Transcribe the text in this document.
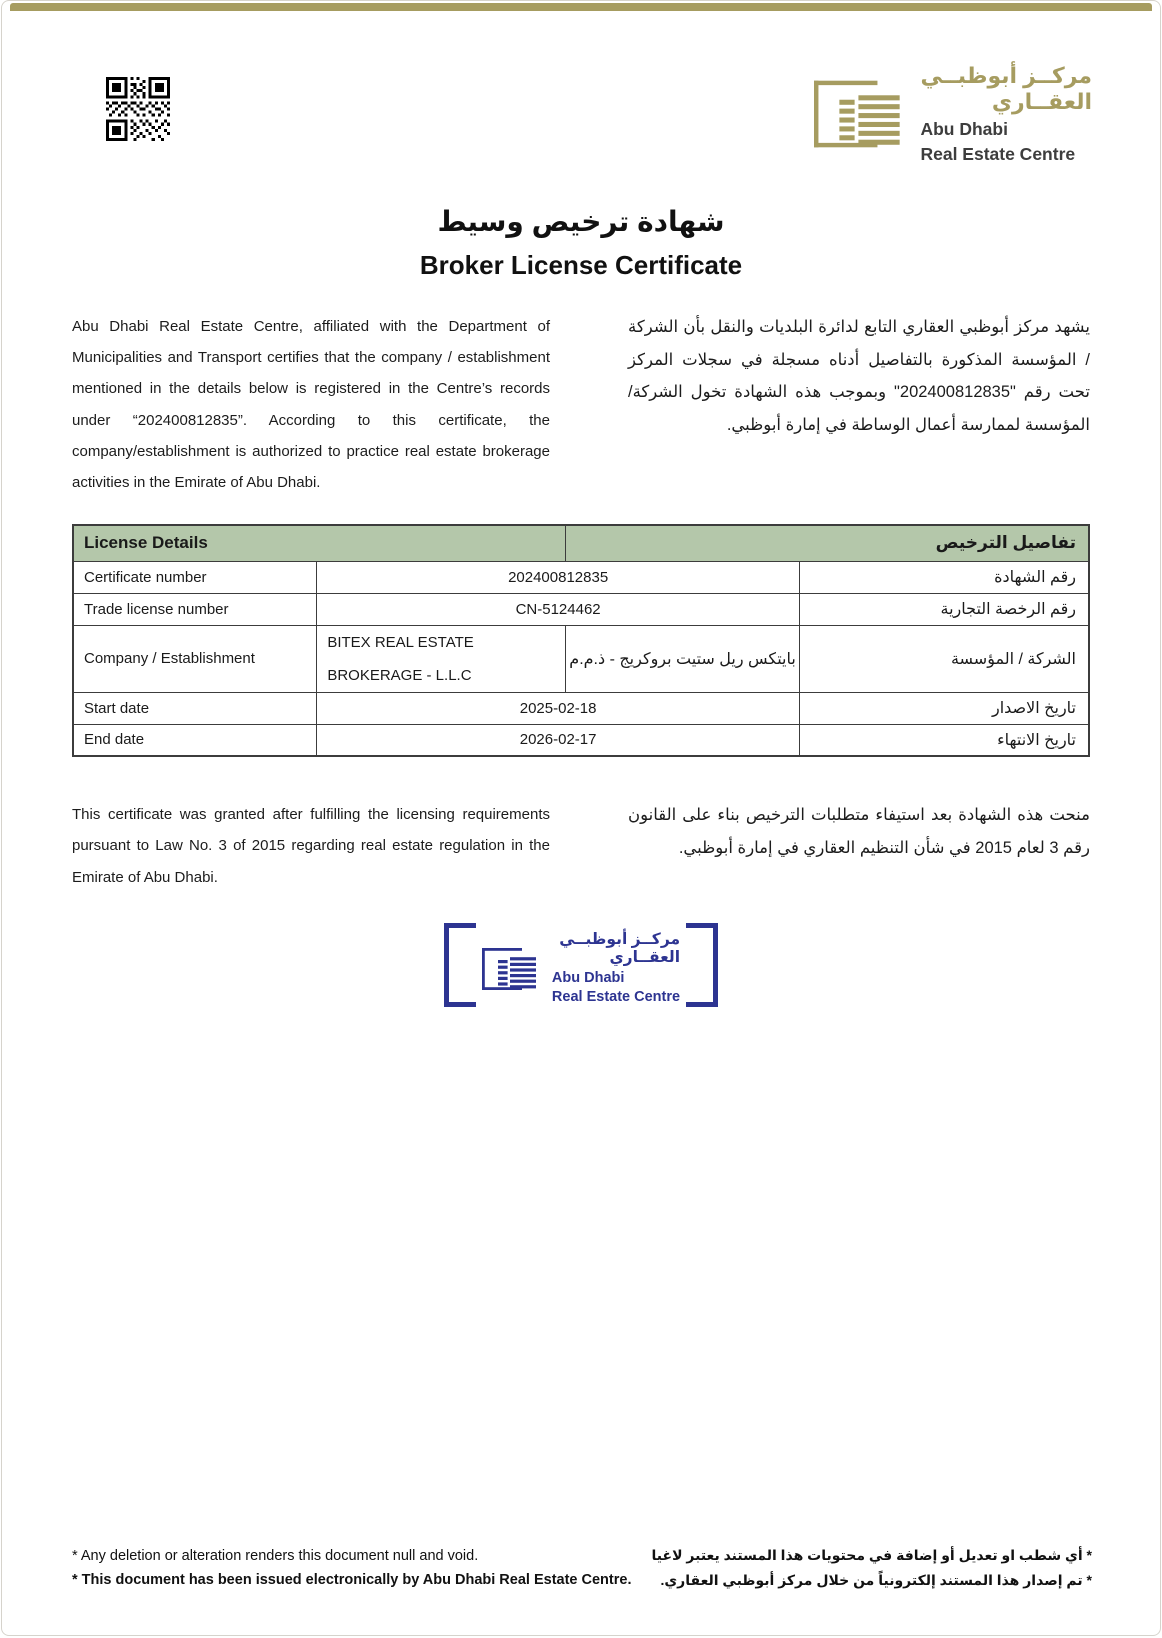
مركــز أبوظبــي
العقــاري
Abu Dhabi
Real Estate Centre
شهادة ترخيص وسيط
Broker License Certificate
Abu Dhabi Real Estate Centre, affiliated with the Department of Municipalities and Transport certifies that the company / establishment mentioned in the details below is registered in the Centre’s records under “202400812835”. According to this certificate, the company/establishment is authorized to practice real estate brokerage activities in the Emirate of Abu Dhabi.
يشهد مركز أبوظبي العقاري التابع لدائرة البلديات والنقل بأن الشركة / المؤسسة المذكورة بالتفاصيل أدناه مسجلة في سجلات المركز تحت رقم "202400812835" وبموجب هذه الشهادة تخول الشركة/ المؤسسة لممارسة أعمال الوساطة في إمارة أبوظبي.
License Details		تفاصيل الترخيص	
Certificate number	202400812835		رقم الشهادة
Trade license number	CN-5124462		رقم الرخصة التجارية
Company / Establishment	BITEX REAL ESTATE BROKERAGE - L.L.C	بايتكس ريل ستيت بروكريج - ذ.م.م	الشركة / المؤسسة
Start date	2025-02-18		تاريخ الاصدار
End date	2026-02-17		تاريخ الانتهاء
This certificate was granted after fulfilling the licensing requirements pursuant to Law No. 3 of 2015 regarding real estate regulation in the Emirate of Abu Dhabi.
منحت هذه الشهادة بعد استيفاء متطلبات الترخيص بناء على القانون رقم 3 لعام 2015 في شأن التنظيم العقاري في إمارة أبوظبي.
مركــز أبوظبــي
العقــاري
Abu Dhabi
Real Estate Centre
* Any deletion or alteration renders this document null and void.
* This document has been issued electronically by Abu Dhabi Real Estate Centre.
* أي شطب او تعديل أو إضافة في محتويات هذا المستند يعتبر لاغيا
* تم إصدار هذا المستند إلكترونياً من خلال مركز أبوظبي العقاري.
